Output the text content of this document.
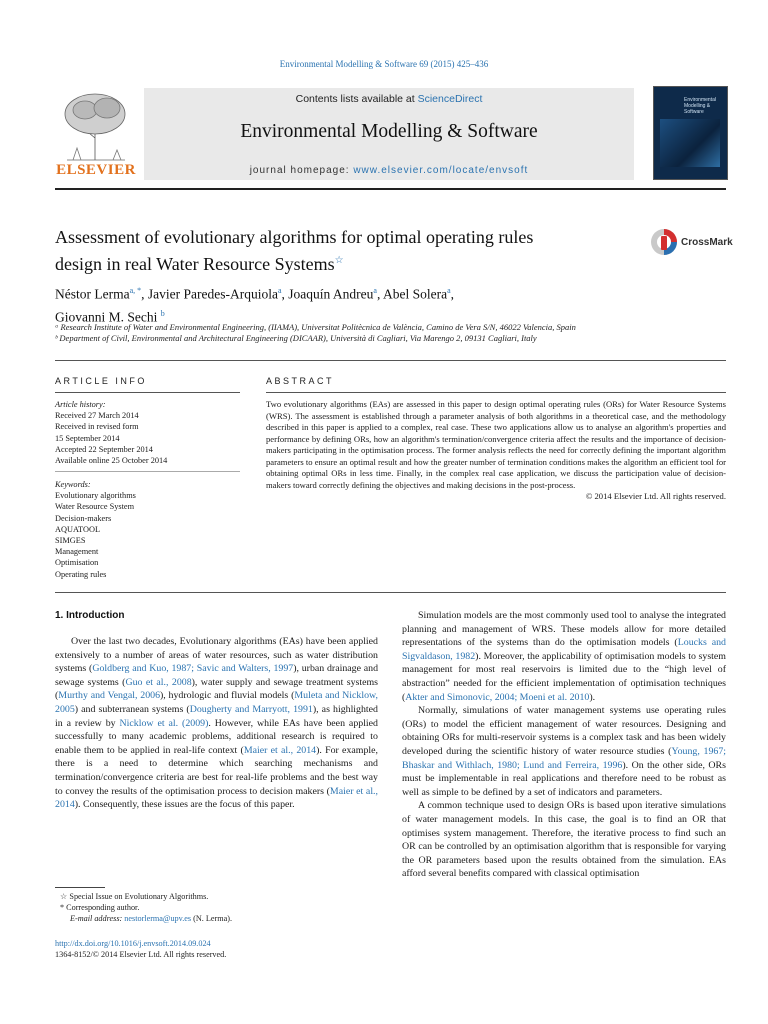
Environmental Modelling & Software 69 (2015) 425–436
ELSEVIER
Contents lists available at ScienceDirect
Environmental Modelling & Software
journal homepage: www.elsevier.com/locate/envsoft
Environmental Modelling & Software
Assessment of evolutionary algorithms for optimal operating rules
design in real Water Resource Systems☆
CrossMark
Néstor Lerma$^{a, *}$, Javier Paredes-Arquiola$^a$, Joaquín Andreu$^a$, Abel Solera$^a$,
Giovanni M. Sechi $^b$
ᵃ Research Institute of Water and Environmental Engineering, (IIAMA), Universitat Politècnica de València, Camino de Vera S/N, 46022 Valencia, Spain
ᵇ Department of Civil, Environmental and Architectural Engineering (DICAAR), Università di Cagliari, Via Marengo 2, 09131 Cagliari, Italy
ARTICLE INFO	ABSTRACT
Article history:
Received 27 March 2014
Received in revised form
15 September 2014
Accepted 22 September 2014
Available online 25 October 2014
Keywords:
Evolutionary algorithms
Water Resource System
Decision-makers
AQUATOOL
SIMGES
Management
Optimisation
Operating rules
Two evolutionary algorithms (EAs) are assessed in this paper to design optimal operating rules (ORs) for Water Resource Systems (WRS). The assessment is established through a parameter analysis of both algorithms in a theoretical case, and the methodology described in this paper is applied to a complex, real case. These two applications allow us to analyse an algorithm's properties and performance by defining ORs, how an algorithm's termination/convergence criteria affect the results and the importance of decision-makers participating in the optimisation process. The former analysis reflects the need for correctly defining the important algorithm parameters to ensure an optimal result and how the greater number of termination conditions makes the algorithm an efficient tool for obtaining optimal ORs in less time. Finally, in the complex real case application, we discuss the participation value of decision-makers toward correctly defining the objectives and making decisions in the post-process.
© 2014 Elsevier Ltd. All rights reserved.
1. Introduction

Over the last two decades, Evolutionary algorithms (EAs) have been applied extensively to a number of areas of water resources, such as water distribution systems (Goldberg and Kuo, 1987; Savic and Walters, 1997), urban drainage and sewage systems (Guo et al., 2008), water supply and sewage treatment systems (Murthy and Vengal, 2006), hydrologic and fluvial models (Muleta and Nicklow, 2005) and subterranean systems (Dougherty and Marryott, 1991), as highlighted in a review by Nicklow et al. (2009). However, while EAs have been applied successfully to many academic problems, additional research is required to enable them to be applied in real-life context (Maier et al., 2014). For example, there is a need to determine which searching mechanisms and termination/convergence criteria are best for real-life problems and the best way to convey the results of the optimisation process to decision makers (Maier et al., 2014). Consequently, these issues are the focus of this paper.

Simulation models are the most commonly used tool to analyse the integrated planning and management of WRS. These models allow for more detailed representations of the systems than do the optimisation models (Loucks and Sigvaldason, 1982). Moreover, the applicability of optimisation models to system management for most real reservoirs is limited due to the “high level of abstraction” needed for the efficient implementation of optimisation techniques (Akter and Simonovic, 2004; Moeni et al. 2010).

Normally, simulations of water management systems use operating rules (ORs) to model the efficient management of water resources. Designing and obtaining ORs for multi-reservoir systems is a complex task and has been widely developed during the scientific history of water resource studies (Young, 1967; Bhaskar and Withlach, 1980; Lund and Ferreira, 1996). On the other side, ORs must be implementable in real applications and therefore need to be robust as well as simple to be defined by a set of indicators and parameters.

A common technique used to design ORs is based upon iterative simulations of water management models. In this case, the goal is to find an OR that optimises system management. Therefore, the iterative process to find such an OR can be controlled by an optimisation algorithm that is responsible for varying the OR parameters based upon the results obtained from the simulation. EAs afford several benefits compared with classical optimisation

☆ Special Issue on Evolutionary Algorithms.
* Corresponding author.
E-mail address: nestorlerma@upv.es (N. Lerma).
http://dx.doi.org/10.1016/j.envsoft.2014.09.024
1364-8152/© 2014 Elsevier Ltd. All rights reserved.
